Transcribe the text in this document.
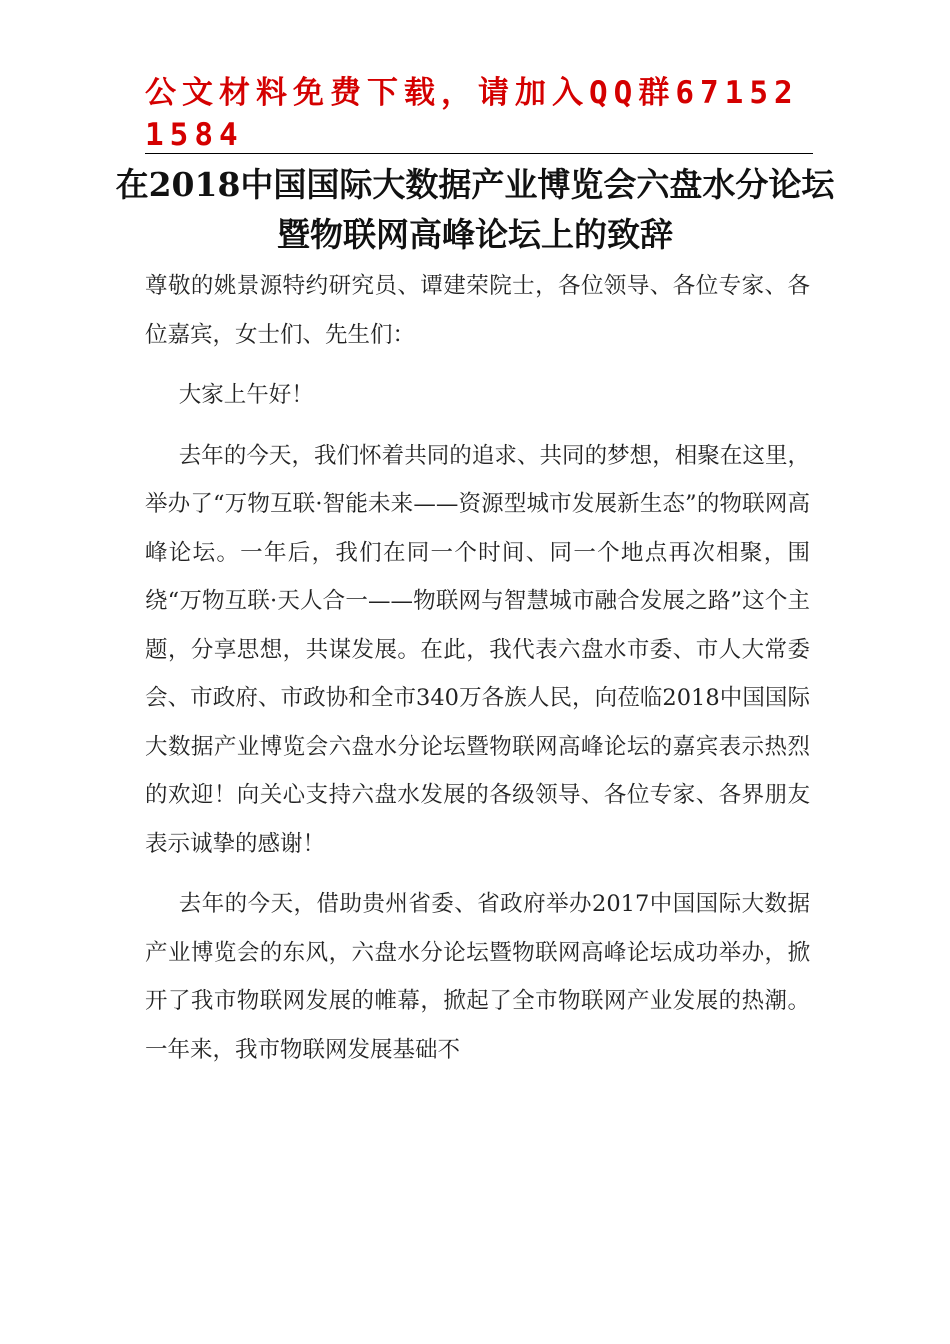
公文材料免费下载，请加入QQ群671521584
在2018中国国际大数据产业博览会六盘水分论坛暨物联网高峰论坛上的致辞

尊敬的姚景源特约研究员、谭建荣院士，各位领导、各位专家、各位嘉宾，女士们、先生们：

大家上午好！

去年的今天，我们怀着共同的追求、共同的梦想，相聚在这里，举办了“万物互联·智能未来——资源型城市发展新生态”的物联网高峰论坛。一年后，我们在同一个时间、同一个地点再次相聚，围绕“万物互联·天人合一——物联网与智慧城市融合发展之路”这个主题，分享思想，共谋发展。在此，我代表六盘水市委、市人大常委会、市政府、市政协和全市340万各族人民，向莅临2018中国国际大数据产业博览会六盘水分论坛暨物联网高峰论坛的嘉宾表示热烈的欢迎！向关心支持六盘水发展的各级领导、各位专家、各界朋友表示诚挚的感谢！

去年的今天，借助贵州省委、省政府举办2017中国国际大数据产业博览会的东风，六盘水分论坛暨物联网高峰论坛成功举办，掀开了我市物联网发展的帷幕，掀起了全市物联网产业发展的热潮。一年来，我市物联网发展基础不
